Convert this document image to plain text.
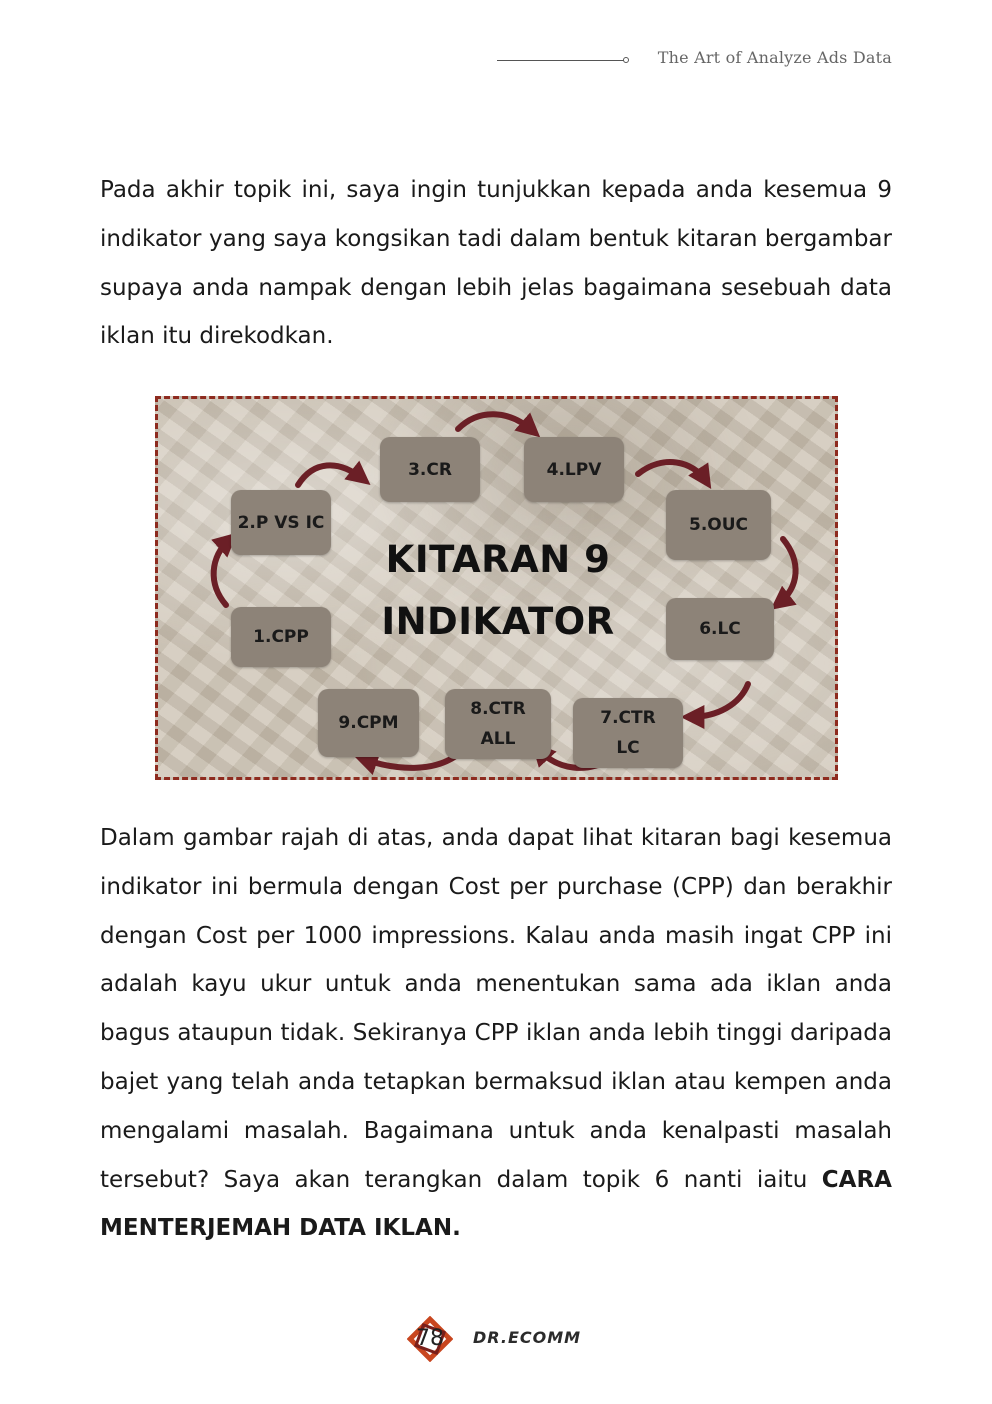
The Art of Analyze Ads Data

Pada akhir topik ini, saya ingin tunjukkan kepada anda kesemua 9 indikator yang saya kongsikan tadi dalam bentuk kitaran bergambar supaya anda nampak dengan lebih jelas bagaimana sesebuah data iklan itu direkodkan.

KITARAN 9
INDIKATOR
1.CPP
2.P VS IC
3.CR	4.LPV
5.OUC
6.LC
7.CTR LC
8.CTR ALL
9.CPM

Dalam gambar rajah di atas, anda dapat lihat kitaran bagi kesemua indikator ini bermula dengan Cost per purchase (CPP) dan berakhir dengan Cost per 1000 impressions. Kalau anda masih ingat CPP ini adalah kayu ukur untuk anda menentukan sama ada iklan anda bagus ataupun tidak. Sekiranya CPP iklan anda lebih tinggi daripada bajet yang telah anda tetapkan bermaksud iklan atau kempen anda mengalami masalah. Bagaimana untuk anda kenalpasti masalah tersebut? Saya akan terangkan dalam topik 6 nanti iaitu CARA MENTERJEMAH DATA IKLAN.

78	DR.ECOMM
